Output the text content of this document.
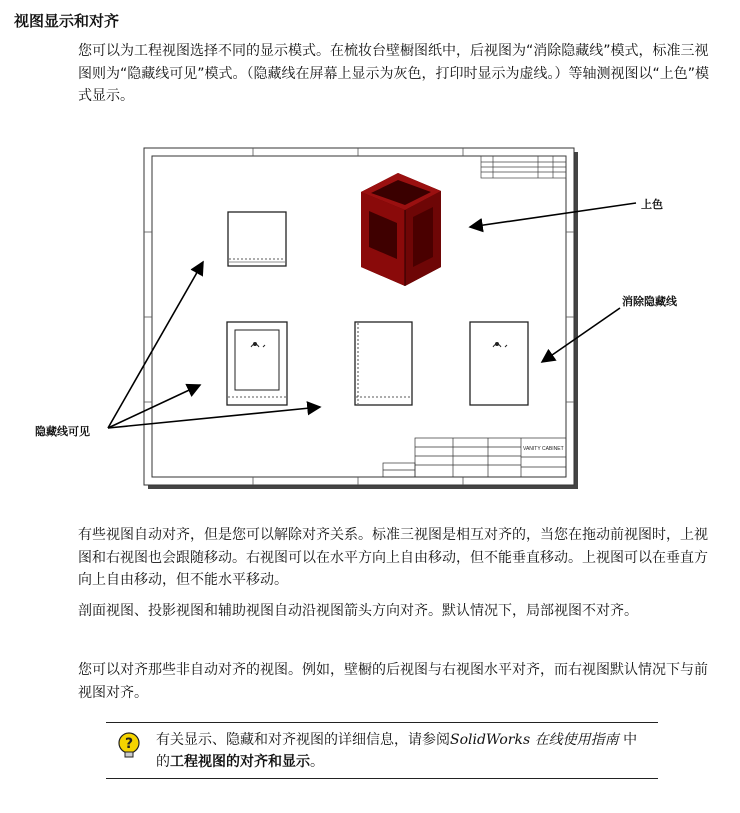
视图显示和对齐
您可以为工程视图选择不同的显示模式。在梳妆台壁橱图纸中，后视图为“消除隐藏线”模式，标准三视图则为“隐藏线可见”模式。（隐藏线在屏幕上显示为灰色，打印时显示为虚线。）等轴测视图以“上色”模式显示。
VANITY CABINET
上色
消除隐藏线
隐藏线可见
有些视图自动对齐，但是您可以解除对齐关系。标准三视图是相互对齐的，当您在拖动前视图时，上视图和右视图也会跟随移动。右视图可以在水平方向上自由移动，但不能垂直移动。上视图可以在垂直方向上自由移动，但不能水平移动。
剖面视图、投影视图和辅助视图自动沿视图箭头方向对齐。默认情况下，局部视图不对齐。
您可以对齐那些非自动对齐的视图。例如，壁橱的后视图与右视图水平对齐，而右视图默认情况下与前视图对齐。
? 有关显示、隐藏和对齐视图的详细信息，请参阅SolidWorks 在线使用指南 中的工程视图的对齐和显示。
